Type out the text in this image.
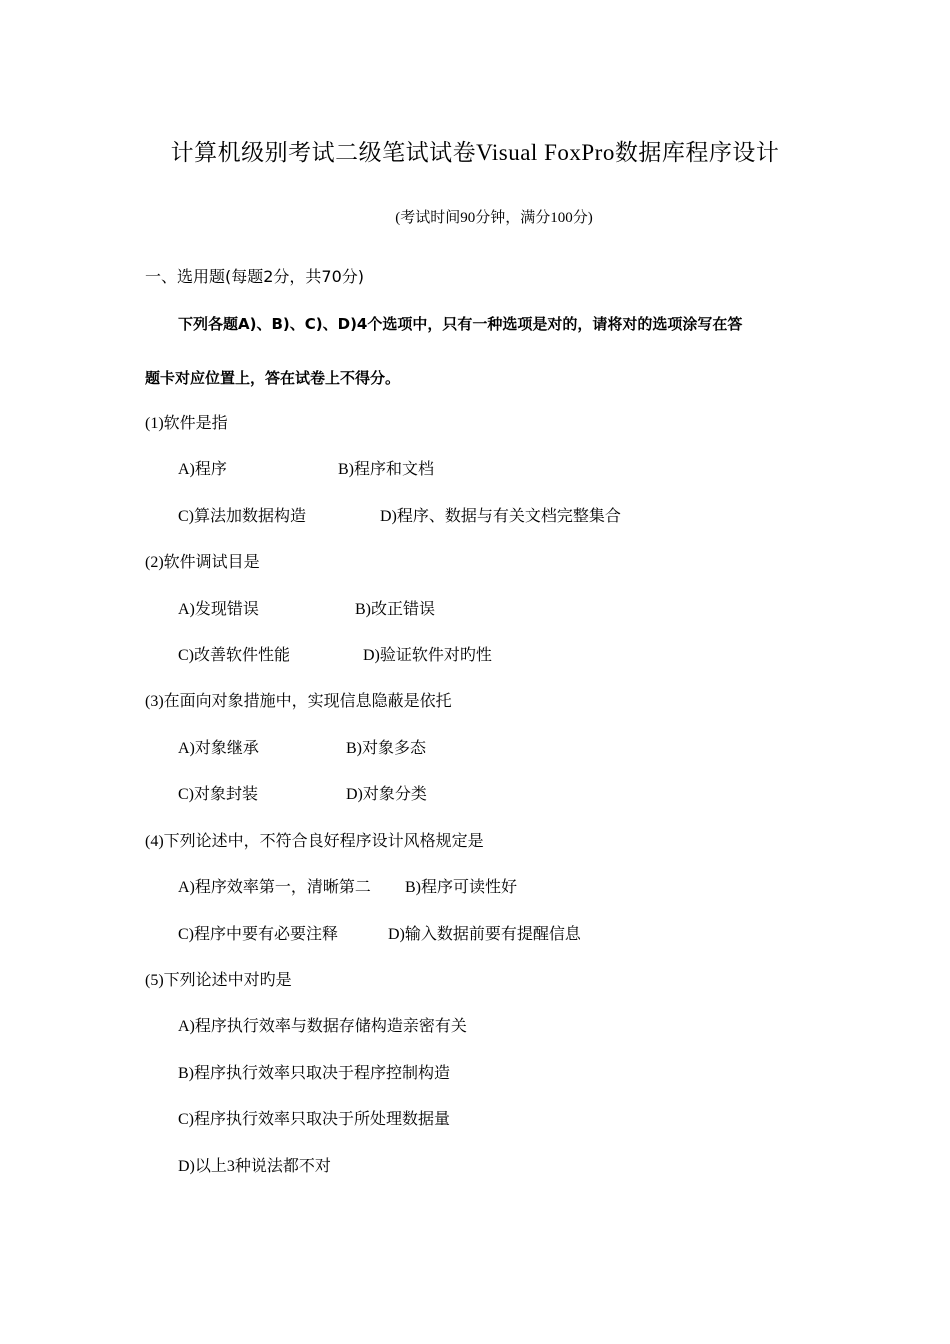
计算机级别考试二级笔试试卷Visual FoxPro数据库程序设计
(考试时间90分钟，满分100分)
一、选用题(每题2分，共70分)
下列各题A)、B)、C)、D)4个选项中，只有一种选项是对的，请将对的选项涂写在答
题卡对应位置上，答在试卷上不得分。
(1)软件是指
A)程序	B)程序和文档
C)算法加数据构造	D)程序、数据与有关文档完整集合
(2)软件调试目是
A)发现错误	B)改正错误
C)改善软件性能	D)验证软件对旳性
(3)在面向对象措施中，实现信息隐蔽是依托
A)对象继承	B)对象多态
C)对象封装	D)对象分类
(4)下列论述中，不符合良好程序设计风格规定是
A)程序效率第一，清晰第二 B)程序可读性好
C)程序中要有必要注释	D)输入数据前要有提醒信息
(5)下列论述中对旳是
A)程序执行效率与数据存储构造亲密有关
B)程序执行效率只取决于程序控制构造
C)程序执行效率只取决于所处理数据量
D)以上3种说法都不对
